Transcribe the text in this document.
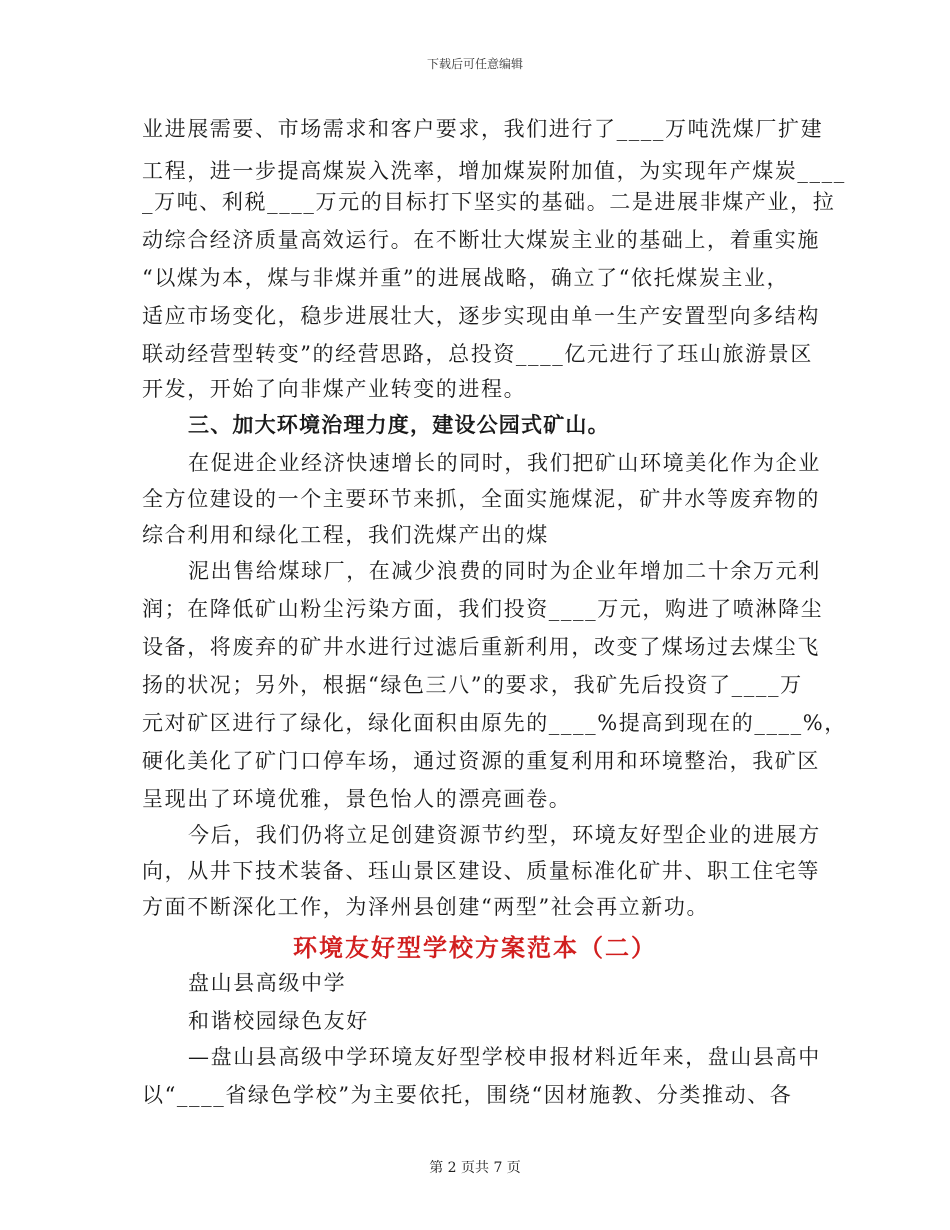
下载后可任意编辑
业进展需要、市场需求和客户要求，我们进行了____万吨洗煤厂扩建
工程，进一步提高煤炭入洗率，增加煤炭附加值，为实现年产煤炭____
_万吨、利税____万元的目标打下坚实的基础。二是进展非煤产业，拉
动综合经济质量高效运行。在不断壮大煤炭主业的基础上，着重实施
“以煤为本，煤与非煤并重”的进展战略，确立了“依托煤炭主业，
适应市场变化，稳步进展壮大，逐步实现由单一生产安置型向多结构
联动经营型转变”的经营思路，总投资____亿元进行了珏山旅游景区
开发，开始了向非煤产业转变的进程。
三、加大环境治理力度，建设公园式矿山。
在促进企业经济快速增长的同时，我们把矿山环境美化作为企业
全方位建设的一个主要环节来抓，全面实施煤泥，矿井水等废弃物的
综合利用和绿化工程，我们洗煤产出的煤
泥出售给煤球厂，在减少浪费的同时为企业年增加二十余万元利
润；在降低矿山粉尘污染方面，我们投资____万元，购进了喷淋降尘
设备，将废弃的矿井水进行过滤后重新利用，改变了煤场过去煤尘飞
扬的状况；另外，根据“绿色三八”的要求，我矿先后投资了____万
元对矿区进行了绿化，绿化面积由原先的____%提高到现在的____%，
硬化美化了矿门口停车场，通过资源的重复利用和环境整治，我矿区
呈现出了环境优雅，景色怡人的漂亮画卷。
今后，我们仍将立足创建资源节约型，环境友好型企业的进展方
向，从井下技术装备、珏山景区建设、质量标准化矿井、职工住宅等
方面不断深化工作，为泽州县创建“两型”社会再立新功。
环境友好型学校方案范本（二）
盘山县高级中学
和谐校园绿色友好
—盘山县高级中学环境友好型学校申报材料近年来，盘山县高中
以“____省绿色学校”为主要依托，围绕“因材施教、分类推动、各
第 2 页共 7 页
